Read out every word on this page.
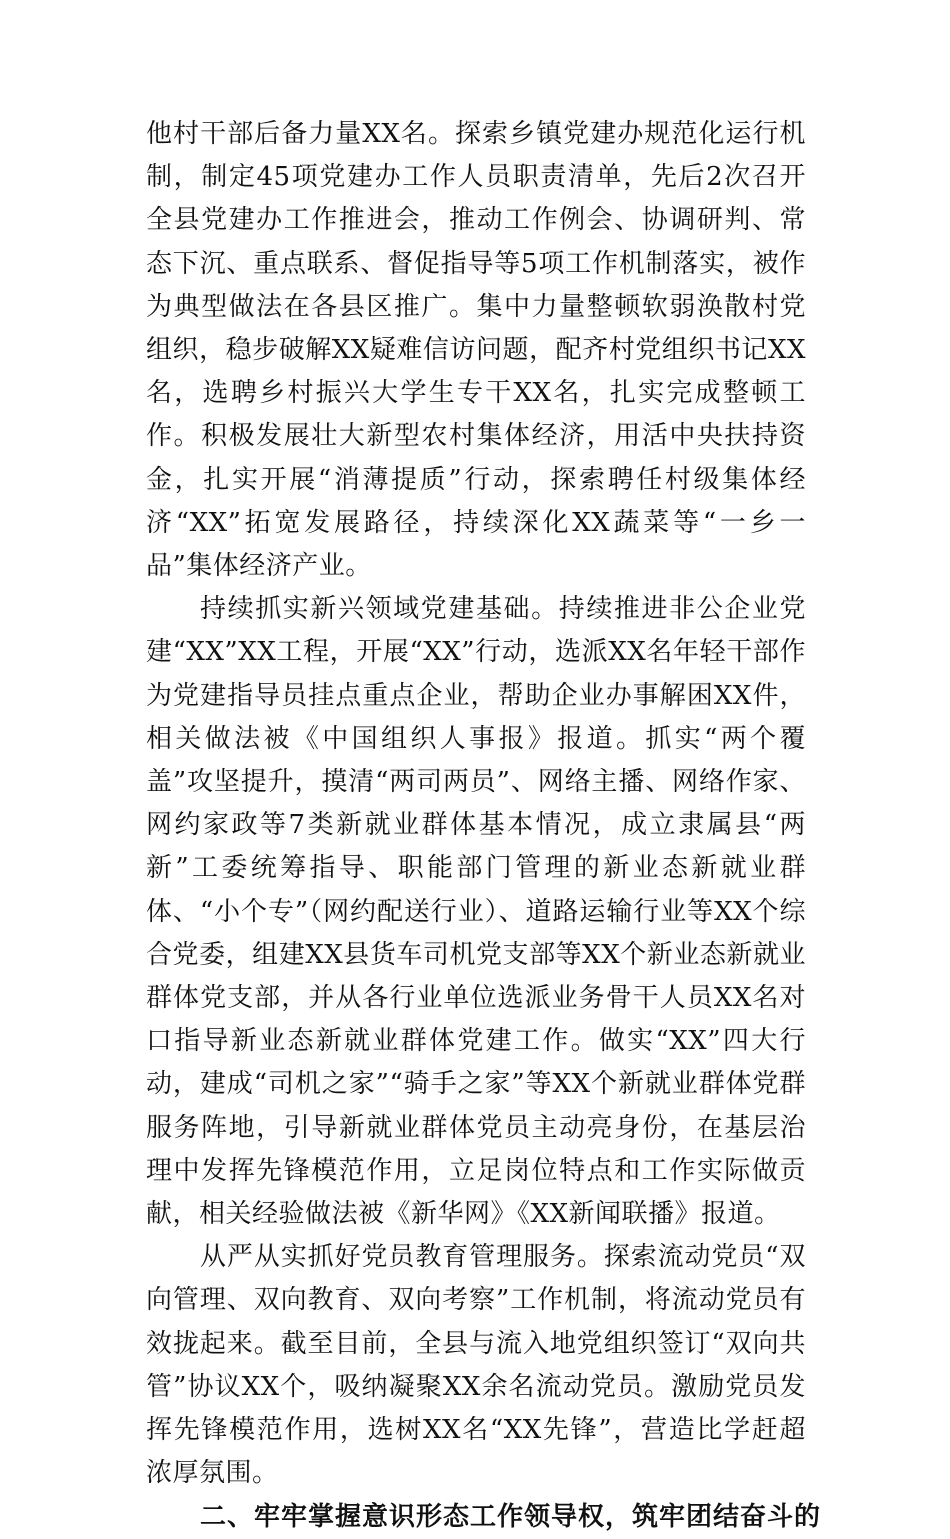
他村干部后备力量XX名。探索乡镇党建办规范化运行机制，制定45项党建办工作人员职责清单，先后2次召开全县党建办工作推进会，推动工作例会、协调研判、常态下沉、重点联系、督促指导等5项工作机制落实，被作为典型做法在各县区推广。集中力量整顿软弱涣散村党组织，稳步破解XX疑难信访问题，配齐村党组织书记XX名，选聘乡村振兴大学生专干XX名，扎实完成整顿工作。积极发展壮大新型农村集体经济，用活中央扶持资金，扎实开展“消薄提质”行动，探索聘任村级集体经济“XX”拓宽发展路径，持续深化XX蔬菜等“一乡一品”集体经济产业。

持续抓实新兴领域党建基础。持续推进非公企业党建“XX”XX工程，开展“XX”行动，选派XX名年轻干部作为党建指导员挂点重点企业，帮助企业办事解困XX件，相关做法被《中国组织人事报》报道。抓实“两个覆盖”攻坚提升，摸清“两司两员”、网络主播、网络作家、网约家政等7类新就业群体基本情况，成立隶属县“两新”工委统筹指导、职能部门管理的新业态新就业群体、“小个专”（网约配送行业）、道路运输行业等XX个综合党委，组建XX县货车司机党支部等XX个新业态新就业群体党支部，并从各行业单位选派业务骨干人员XX名对口指导新业态新就业群体党建工作。做实“XX”四大行动，建成“司机之家”“骑手之家”等XX个新就业群体党群服务阵地，引导新就业群体党员主动亮身份，在基层治理中发挥先锋模范作用，立足岗位特点和工作实际做贡献，相关经验做法被《新华网》《XX新闻联播》报道。

从严从实抓好党员教育管理服务。探索流动党员“双向管理、双向教育、双向考察”工作机制，将流动党员有效拢起来。截至目前，全县与流入地党组织签订“双向共管”协议XX个，吸纳凝聚XX余名流动党员。激励党员发挥先锋模范作用，选树XX名“XX先锋”，营造比学赶超浓厚氛围。

二、牢牢掌握意识形态工作领导权，筑牢团结奋斗的
